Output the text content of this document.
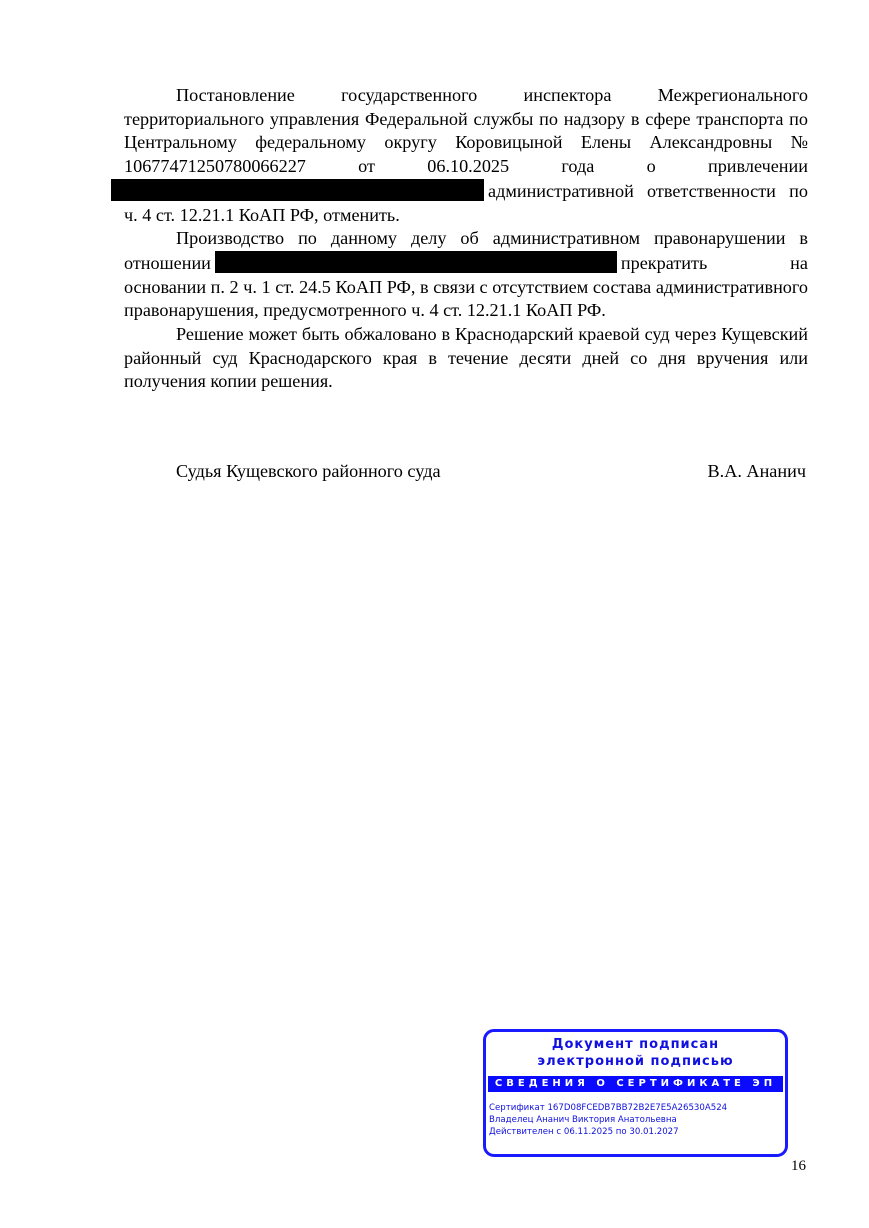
Постановление государственного инспектора Межрегионального территориального управления Федеральной службы по надзору в сфере транспорта по Центральному федеральному округу Коровицыной Елены Александровны № 10677471250780066227 от 06.10.2025 года о привлечении административной ответственности по ч. 4 ст. 12.21.1 КоАП РФ, отменить.

Производство по данному делу об административном правонарушении в отношении	прекратить на основании п. 2 ч. 1 ст. 24.5 КоАП РФ, в связи с отсутствием состава административного правонарушения, предусмотренного ч. 4 ст. 12.21.1 КоАП РФ.

Решение может быть обжаловано в Краснодарский краевой суд через Кущевский районный суд Краснодарского края в течение десяти дней со дня вручения или получения копии решения.

Судья Кущевского районного суда	В.А. Ананич
Документ подписан
электронной подписью
СВЕДЕНИЯ О СЕРТИФИКАТЕ ЭП
Сертификат 167D08FCEDB7BB72B2E7E5A26530A524
Владелец Ананич Виктория Анатольевна
Действителен с 06.11.2025 по 30.01.2027
16
